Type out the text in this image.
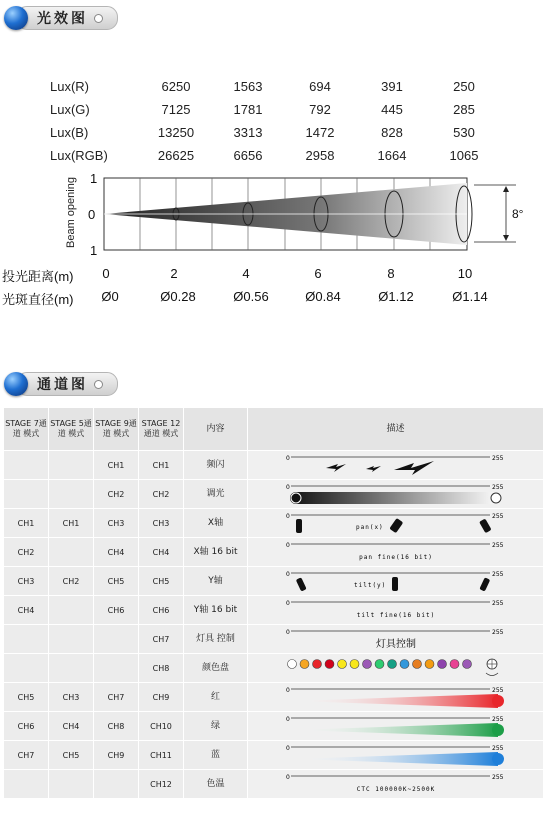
光效图
Lux(R)	6250	1563	694	391	250
Lux(G)	7125	1781	792	445	285
Lux(B)	13250	3313	1472	828	530
Lux(RGB)	26625	6656	2958	1664	1065
Beam opening 1
0
1
8°
投光距离(m)	0	2	4	6	8	10
光斑直径(m)	Ø0	Ø0.28	Ø0.56	Ø0.84	Ø1.12	Ø1.14
通道图
STAGE 7通道 模式	STAGE 5通道 模式	STAGE 9通道 模式	STAGE 12通道 模式	内容	描述
		CH1	CH1	频闪	0 255

		CH2	CH2	调光	0 255

CH1	CH1	CH3	CH3	X轴	0 255
pan(x)

CH2		CH4	CH4	X轴 16 bit	0 255
pan fine(16 bit)

CH3	CH2	CH5	CH5	Y轴	0 255
tilt(y)

CH4		CH6	CH6	Y轴 16 bit	0 255
tilt fine(16 bit)

			CH7	灯具 控制	0 255
灯具控制

			CH8	颜色盘	

CH5	CH3	CH7	CH9	红	0 255

CH6	CH4	CH8	CH10	绿	0 255

CH7	CH5	CH9	CH11	蓝	0 255

			CH12	色温	0 255
CTC 100000K~2500K
